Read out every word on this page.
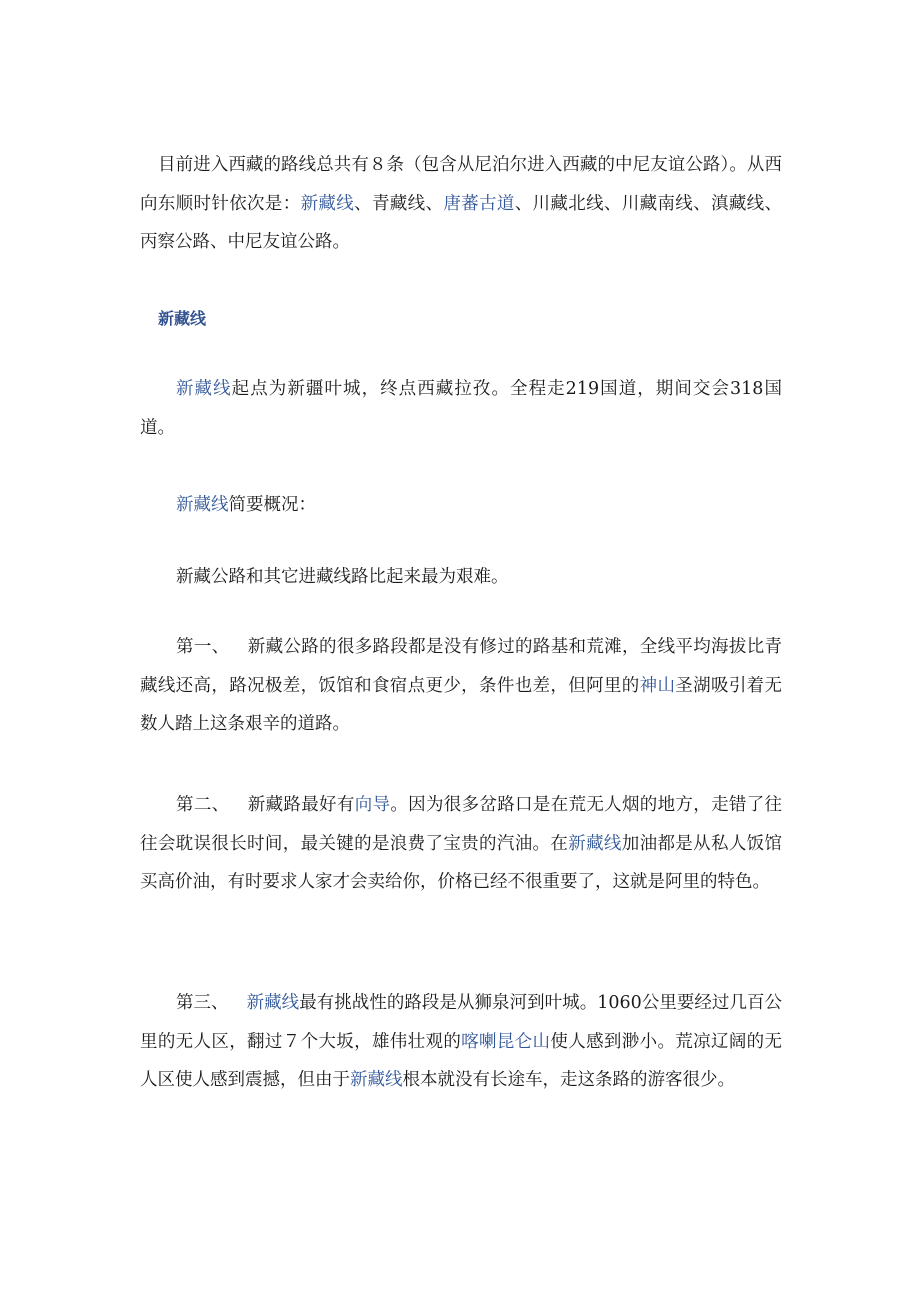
目前进入西藏的路线总共有８条（包含从尼泊尔进入西藏的中尼友谊公路）。从西向东顺时针依次是：新藏线、青藏线、唐蕃古道、川藏北线、川藏南线、滇藏线、丙察公路、中尼友谊公路。

新藏线

新藏线起点为新疆叶城，终点西藏拉孜。全程走219国道，期间交会318国道。

新藏线简要概况：

新藏公路和其它进藏线路比起来最为艰难。

第一、 新藏公路的很多路段都是没有修过的路基和荒滩，全线平均海拔比青藏线还高，路况极差，饭馆和食宿点更少，条件也差，但阿里的神山圣湖吸引着无数人踏上这条艰辛的道路。

第二、 新藏路最好有向导。因为很多岔路口是在荒无人烟的地方，走错了往往会耽误很长时间，最关键的是浪费了宝贵的汽油。在新藏线加油都是从私人饭馆买高价油，有时要求人家才会卖给你，价格已经不很重要了，这就是阿里的特色。

第三、 新藏线最有挑战性的路段是从狮泉河到叶城。1060公里要经过几百公里的无人区，翻过７个大坂，雄伟壮观的喀喇昆仑山使人感到渺小。荒凉辽阔的无人区使人感到震撼，但由于新藏线根本就没有长途车，走这条路的游客很少。
